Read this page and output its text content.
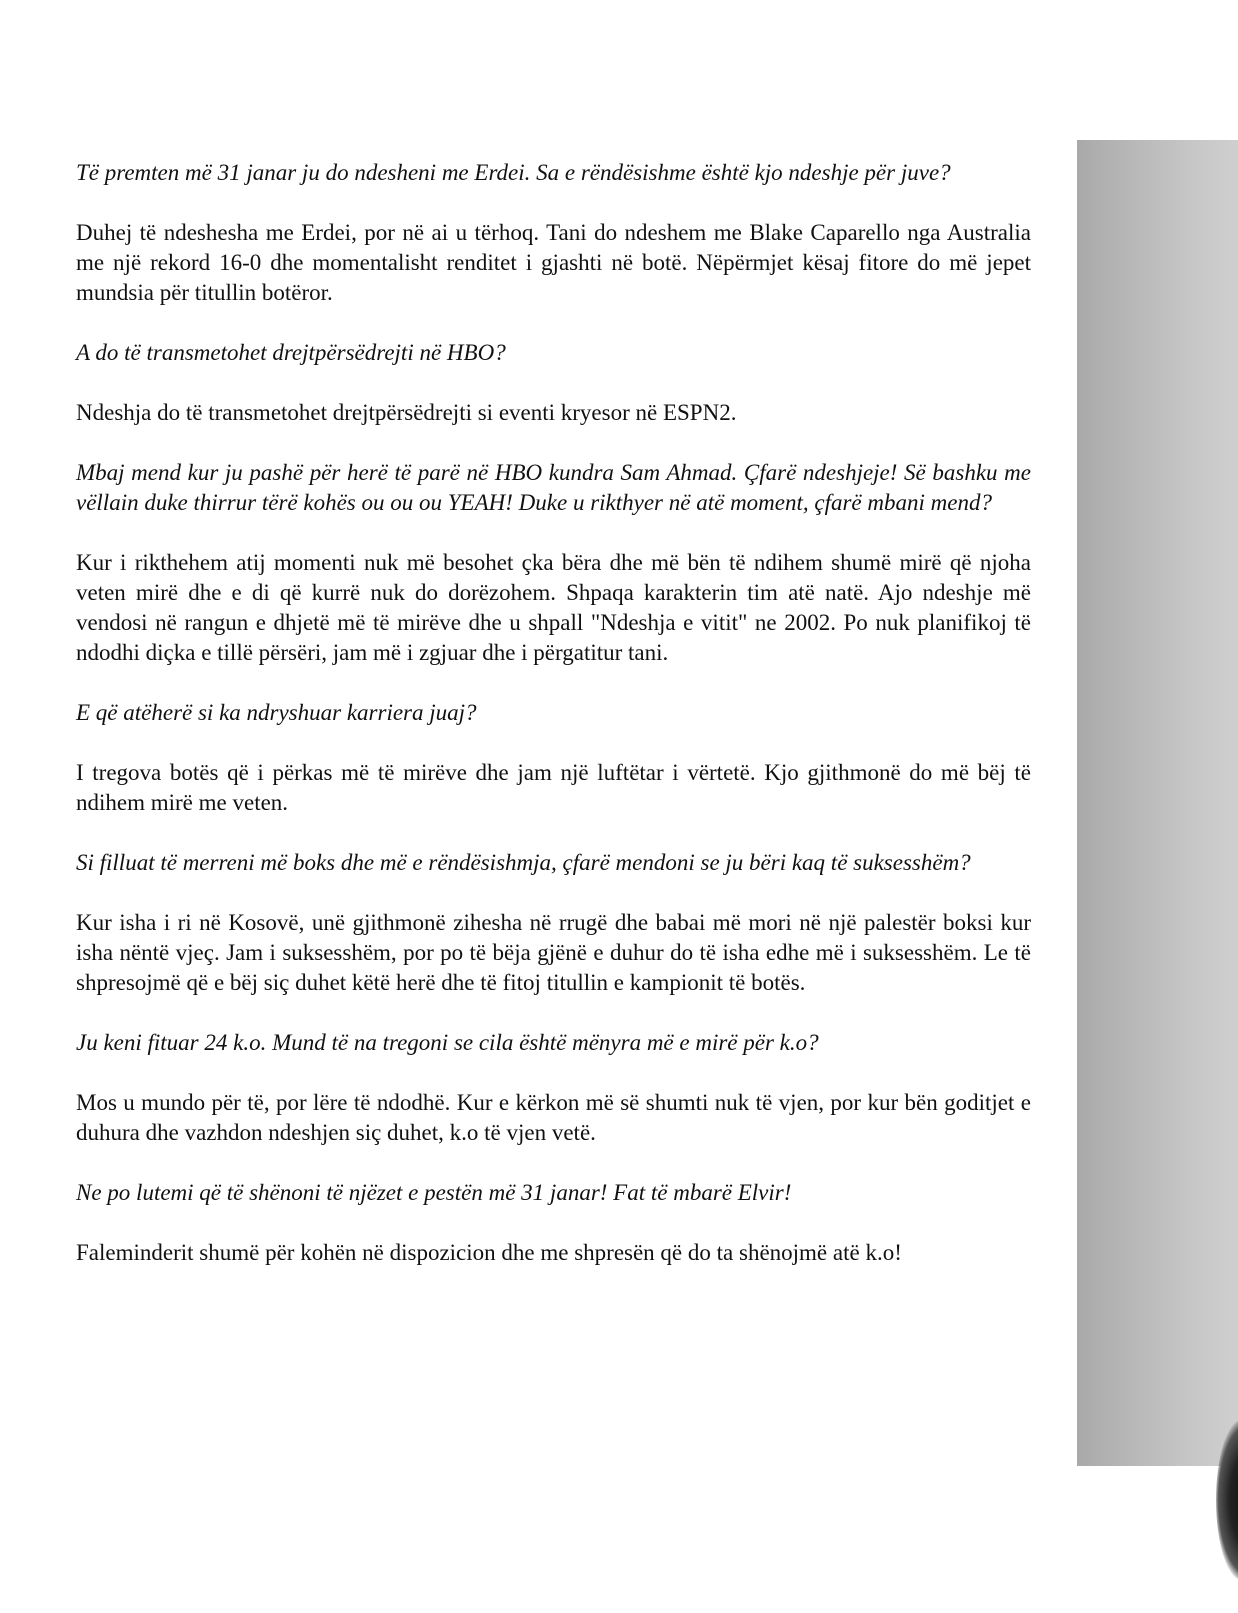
Të premten më 31 janar ju do ndesheni me Erdei. Sa e rëndësishme është kjo ndeshje për juve?

Duhej të ndeshesha me Erdei, por në ai u tërhoq. Tani do ndeshem me Blake Caparello nga Australia me një rekord 16-0 dhe momentalisht renditet i gjashti në botë. Nëpërmjet kësaj fitore do më jepet mundsia për titullin botëror.

A do të transmetohet drejtpërsëdrejti në HBO?

Ndeshja do të transmetohet drejtpërsëdrejti si eventi kryesor në ESPN2.

Mbaj mend kur ju pashë për herë të parë në HBO kundra Sam Ahmad. Çfarë ndeshjeje! Së bashku me vëllain duke thirrur tërë kohës ou ou ou YEAH! Duke u rikthyer në atë moment, çfarë mbani mend?

Kur i rikthehem atij momenti nuk më besohet çka bëra dhe më bën të ndihem shumë mirë që njoha veten mirë dhe e di që kurrë nuk do dorëzohem. Shpaqa karakterin tim atë natë. Ajo ndeshje më vendosi në rangun e dhjetë më të mirëve dhe u shpall "Ndeshja e vitit" ne 2002. Po nuk planifikoj të ndodhi diçka e tillë përsëri, jam më i zgjuar dhe i përgatitur tani.

E që atëherë si ka ndryshuar karriera juaj?

I tregova botës që i përkas më të mirëve dhe jam një luftëtar i vërtetë. Kjo gjithmonë do më bëj të ndihem mirë me veten.

Si filluat të merreni më boks dhe më e rëndësishmja, çfarë mendoni se ju bëri kaq të suksesshëm?

Kur isha i ri në Kosovë, unë gjithmonë zihesha në rrugë dhe babai më mori në një palestër boksi kur isha nëntë vjeç. Jam i suksesshëm, por po të bëja gjënë e duhur do të isha edhe më i suksesshëm. Le të shpresojmë që e bëj siç duhet këtë herë dhe të fitoj titullin e kampionit të botës.

Ju keni fituar 24 k.o. Mund të na tregoni se cila është mënyra më e mirë për k.o?

Mos u mundo për të, por lëre të ndodhë. Kur e kërkon më së shumti nuk të vjen, por kur bën goditjet e duhura dhe vazhdon ndeshjen siç duhet, k.o të vjen vetë.

Ne po lutemi që të shënoni të njëzet e pestën më 31 janar! Fat të mbarë Elvir!

Faleminderit shumë për kohën në dispozicion dhe me shpresën që do ta shënojmë atë k.o!
